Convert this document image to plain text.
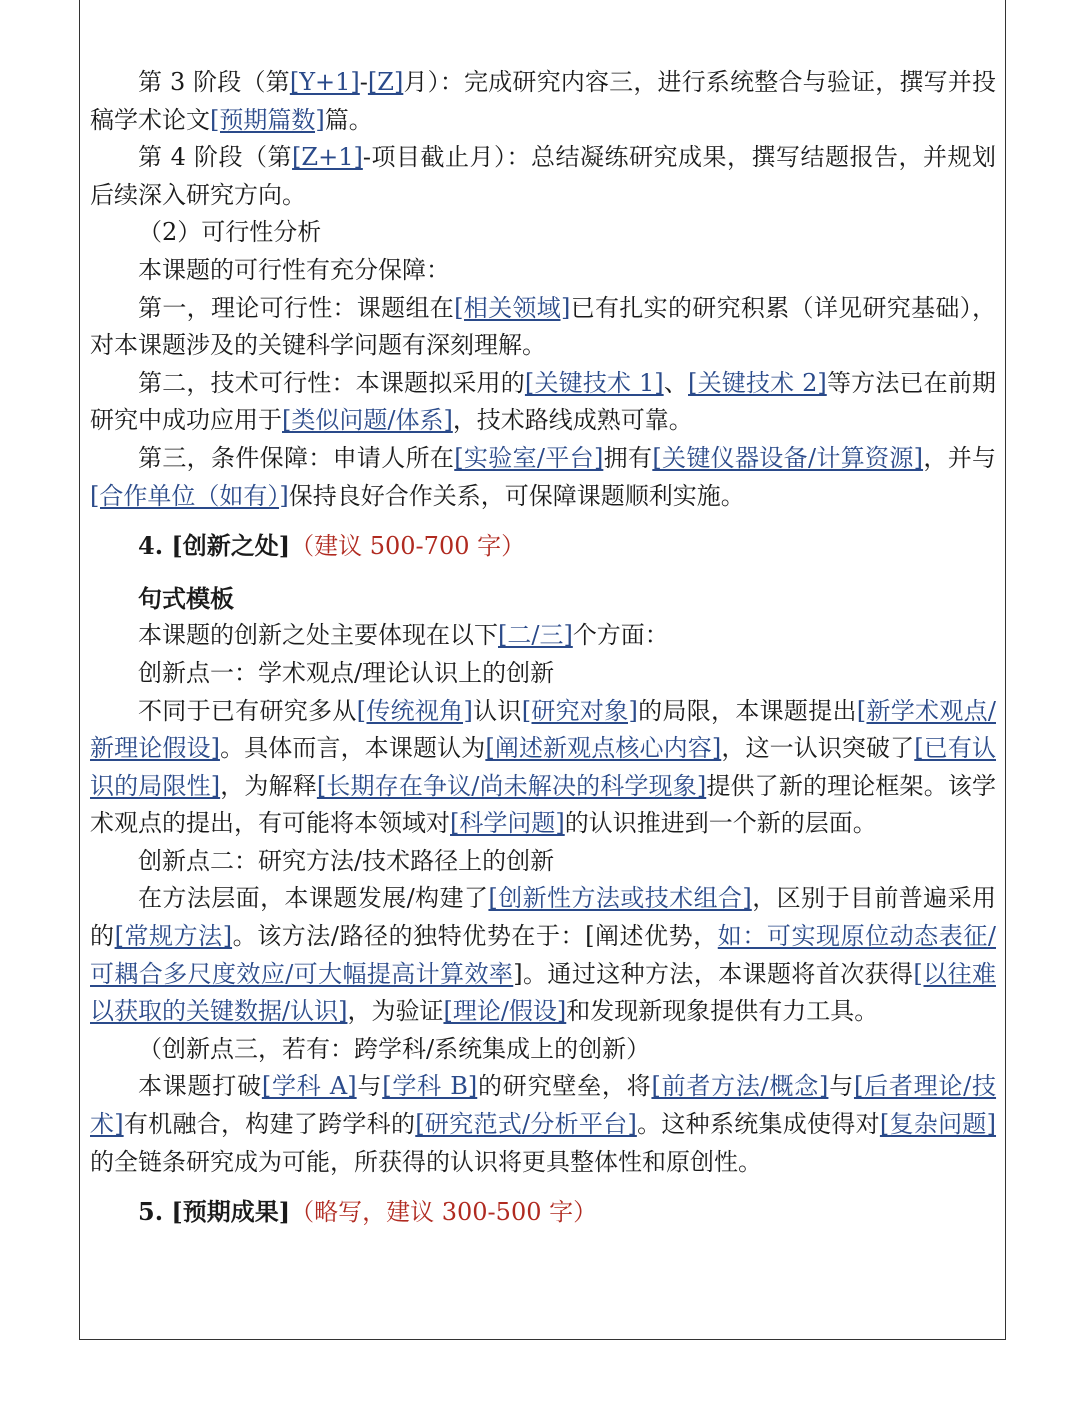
第 3 阶段（第[Y+1]-[Z]月）：完成研究内容三，进行系统整合与验证，撰写并投稿学术论文[预期篇数]篇。

第 4 阶段（第[Z+1]-项目截止月）：总结凝练研究成果，撰写结题报告，并规划后续深入研究方向。

（2）可行性分析

本课题的可行性有充分保障：

第一，理论可行性：课题组在[相关领域]已有扎实的研究积累（详见研究基础），对本课题涉及的关键科学问题有深刻理解。

第二，技术可行性：本课题拟采用的[关键技术 1]、[关键技术 2]等方法已在前期研究中成功应用于[类似问题/体系]，技术路线成熟可靠。

第三，条件保障：申请人所在[实验室/平台]拥有[关键仪器设备/计算资源]，并与[合作单位（如有）]保持良好合作关系，可保障课题顺利实施。

4. [创新之处]（建议 500-700 字）

句式模板

本课题的创新之处主要体现在以下[二/三]个方面：

创新点一：学术观点/理论认识上的创新

不同于已有研究多从[传统视角]认识[研究对象]的局限，本课题提出[新学术观点/新理论假设]。具体而言，本课题认为[阐述新观点核心内容]，这一认识突破了[已有认识的局限性]，为解释[长期存在争议/尚未解决的科学现象]提供了新的理论框架。该学术观点的提出，有可能将本领域对[科学问题]的认识推进到一个新的层面。

创新点二：研究方法/技术路径上的创新

在方法层面，本课题发展/构建了[创新性方法或技术组合]，区别于目前普遍采用的[常规方法]。该方法/路径的独特优势在于：[阐述优势，如：可实现原位动态表征/可耦合多尺度效应/可大幅提高计算效率]。通过这种方法，本课题将首次获得[以往难以获取的关键数据/认识]，为验证[理论/假设]和发现新现象提供有力工具。

（创新点三，若有：跨学科/系统集成上的创新）

本课题打破[学科 A]与[学科 B]的研究壁垒，将[前者方法/概念]与[后者理论/技术]有机融合，构建了跨学科的[研究范式/分析平台]。这种系统集成使得对[复杂问题]的全链条研究成为可能，所获得的认识将更具整体性和原创性。

5. [预期成果]（略写，建议 300-500 字）
